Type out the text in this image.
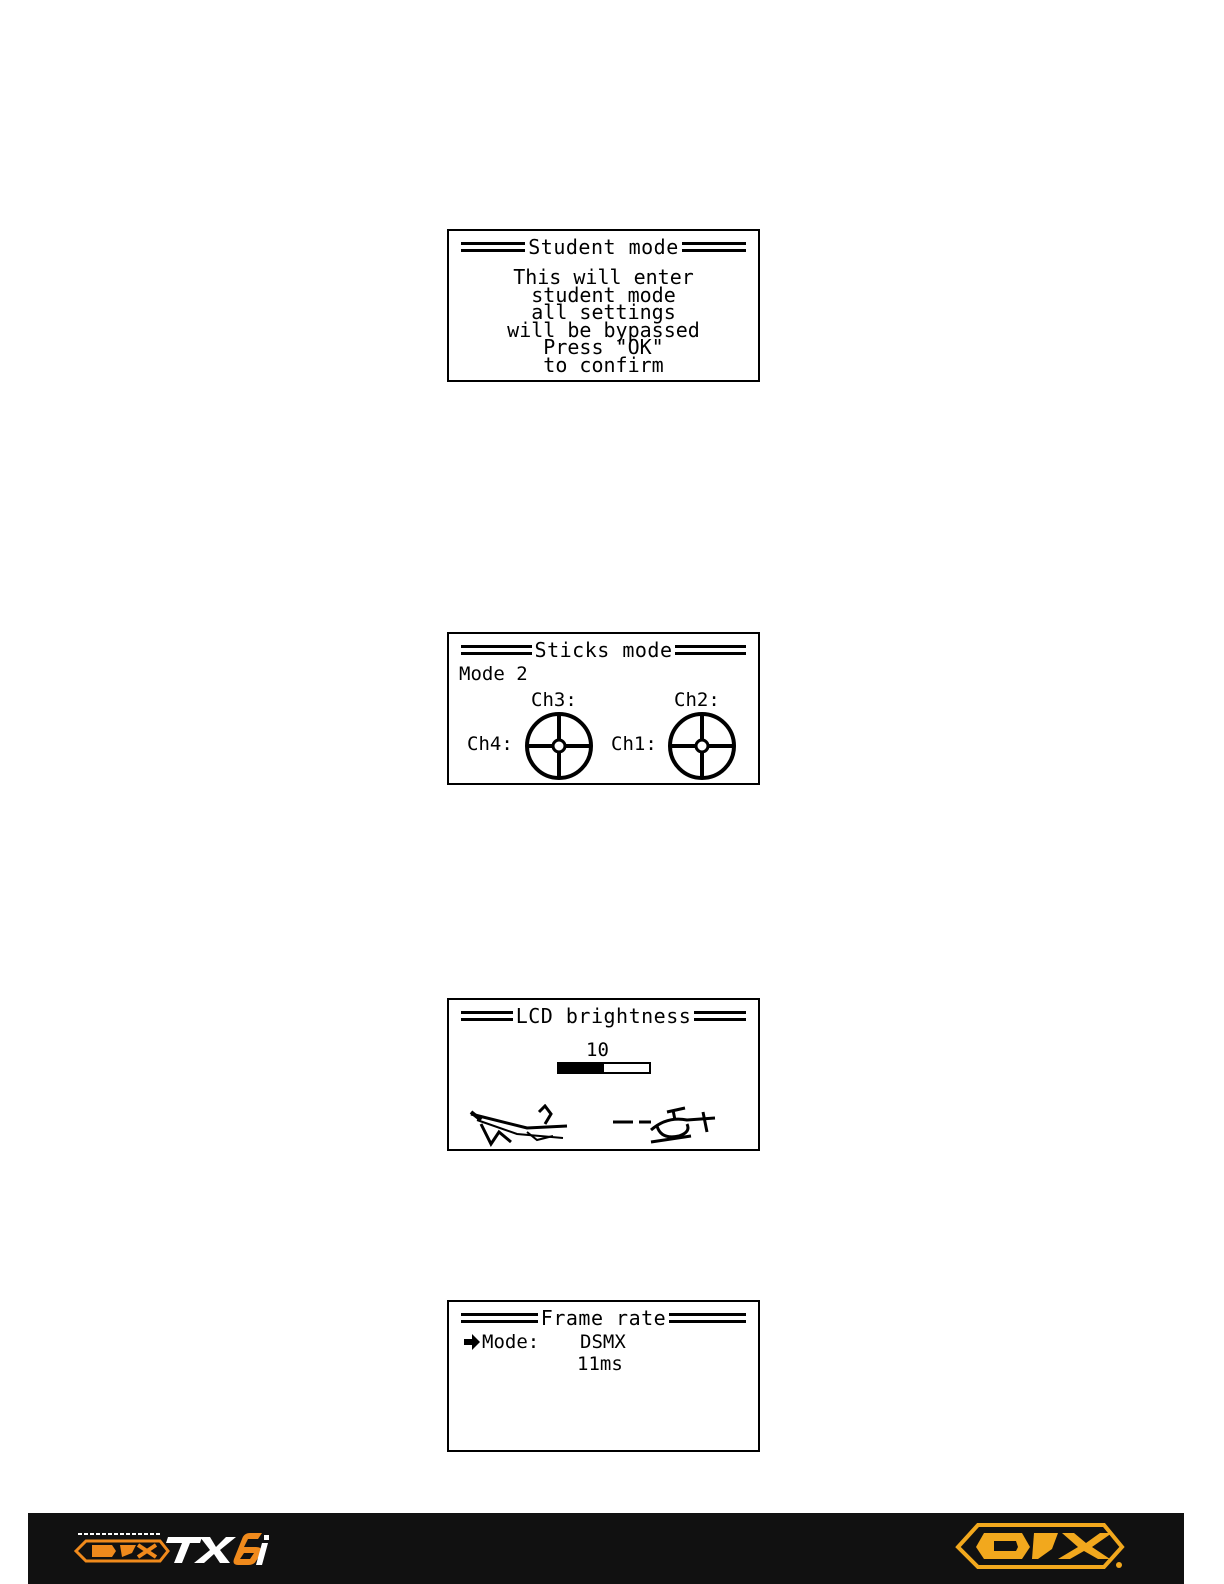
Student mode
This will enter
student mode
all settings
will be bypassed
Press "OK"
to confirm
Sticks mode
Mode 2
Ch3:	Ch2:
Ch4:	Ch1:
LCD brightness
10
Frame rate
Mode: DSMX
11ms
